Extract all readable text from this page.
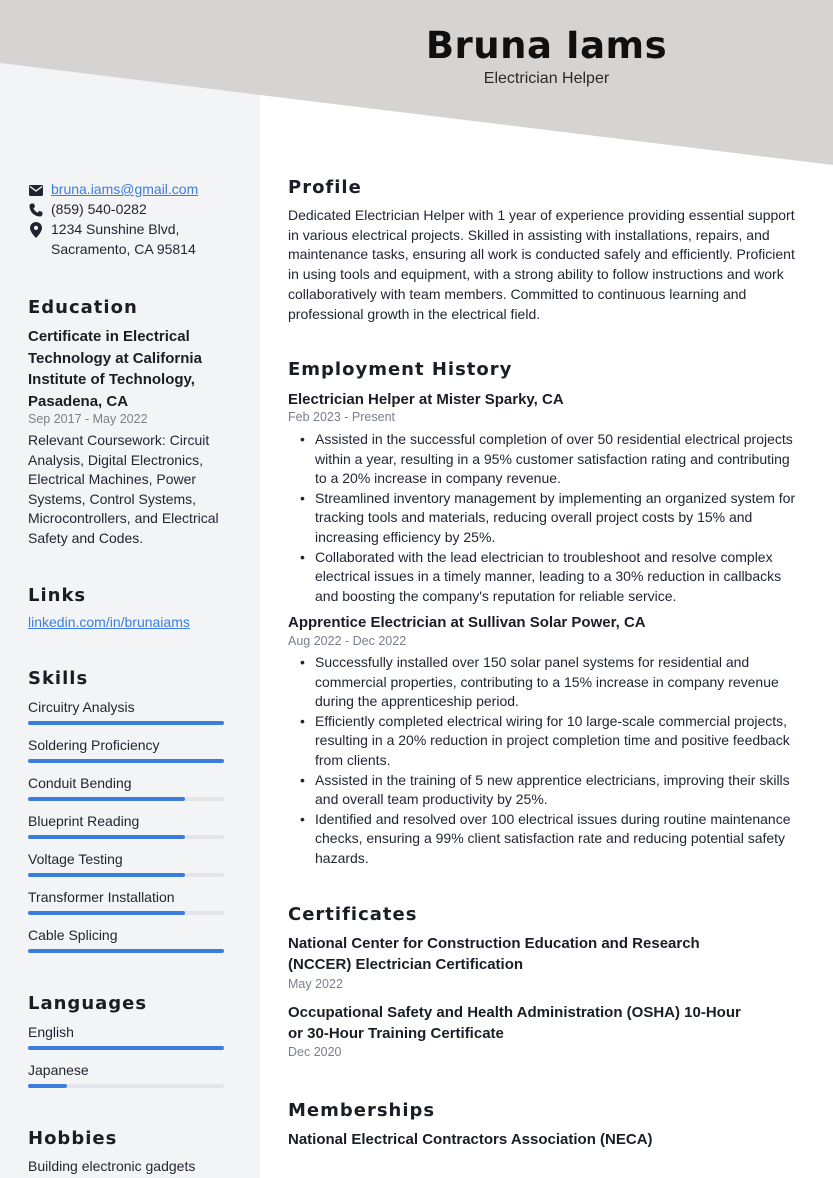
Bruna Iams
Electrician Helper
bruna.iams@gmail.com
(859) 540-0282
1234 Sunshine Blvd,
Sacramento, CA 95814
Education
Certificate in Electrical Technology at California Institute of Technology, Pasadena, CA
Sep 2017 - May 2022
Relevant Coursework: Circuit Analysis, Digital Electronics, Electrical Machines, Power Systems, Control Systems, Microcontrollers, and Electrical Safety and Codes.
Links
linkedin.com/in/brunaiams
Skills
Circuitry Analysis
Soldering Proficiency
Conduit Bending
Blueprint Reading
Voltage Testing
Transformer Installation
Cable Splicing
Languages
English
Japanese
Hobbies
Building electronic gadgets
Profile
Dedicated Electrician Helper with 1 year of experience providing essential support in various electrical projects. Skilled in assisting with installations, repairs, and maintenance tasks, ensuring all work is conducted safely and efficiently. Proficient in using tools and equipment, with a strong ability to follow instructions and work collaboratively with team members. Committed to continuous learning and professional growth in the electrical field.
Employment History
Electrician Helper at Mister Sparky, CA
Feb 2023 - Present
• Assisted in the successful completion of over 50 residential electrical projects within a year, resulting in a 95% customer satisfaction rating and contributing to a 20% increase in company revenue.
• Streamlined inventory management by implementing an organized system for tracking tools and materials, reducing overall project costs by 15% and increasing efficiency by 25%.
• Collaborated with the lead electrician to troubleshoot and resolve complex electrical issues in a timely manner, leading to a 30% reduction in callbacks and boosting the company's reputation for reliable service.
Apprentice Electrician at Sullivan Solar Power, CA
Aug 2022 - Dec 2022
• Successfully installed over 150 solar panel systems for residential and commercial properties, contributing to a 15% increase in company revenue during the apprenticeship period.
• Efficiently completed electrical wiring for 10 large-scale commercial projects, resulting in a 20% reduction in project completion time and positive feedback from clients.
• Assisted in the training of 5 new apprentice electricians, improving their skills and overall team productivity by 25%.
• Identified and resolved over 100 electrical issues during routine maintenance checks, ensuring a 99% client satisfaction rate and reducing potential safety hazards.
Certificates
National Center for Construction Education and Research (NCCER) Electrician Certification
May 2022
Occupational Safety and Health Administration (OSHA) 10-Hour or 30-Hour Training Certificate
Dec 2020
Memberships
National Electrical Contractors Association (NECA)
